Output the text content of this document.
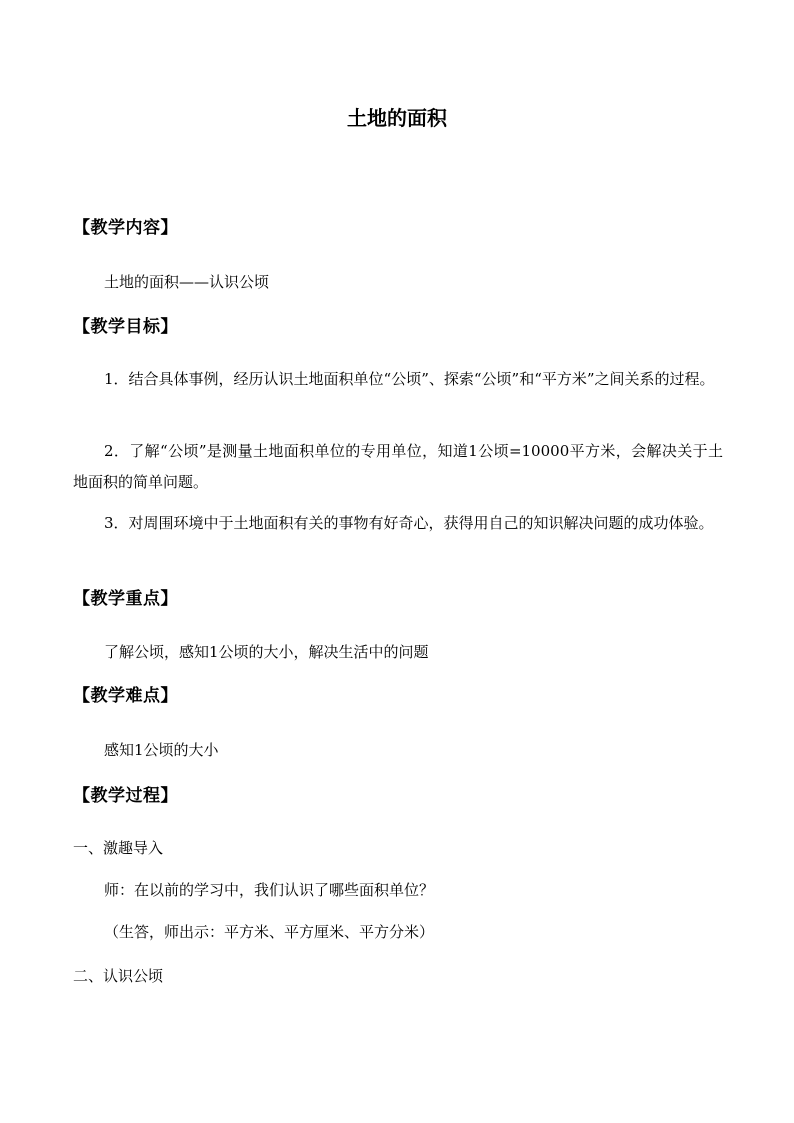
土地的面积
【教学内容】
土地的面积——认识公顷
【教学目标】
1．结合具体事例，经历认识土地面积单位“公顷”、探索“公顷”和“平方米”之间关系的过程。
2．了解“公顷”是测量土地面积单位的专用单位，知道1公顷=10000平方米，会解决关于土地面积的简单问题。
3．对周围环境中于土地面积有关的事物有好奇心，获得用自己的知识解决问题的成功体验。
【教学重点】
了解公顷，感知1公顷的大小，解决生活中的问题
【教学难点】
感知1公顷的大小
【教学过程】
一、激趣导入
师：在以前的学习中，我们认识了哪些面积单位？
（生答，师出示：平方米、平方厘米、平方分米）
二、认识公顷
